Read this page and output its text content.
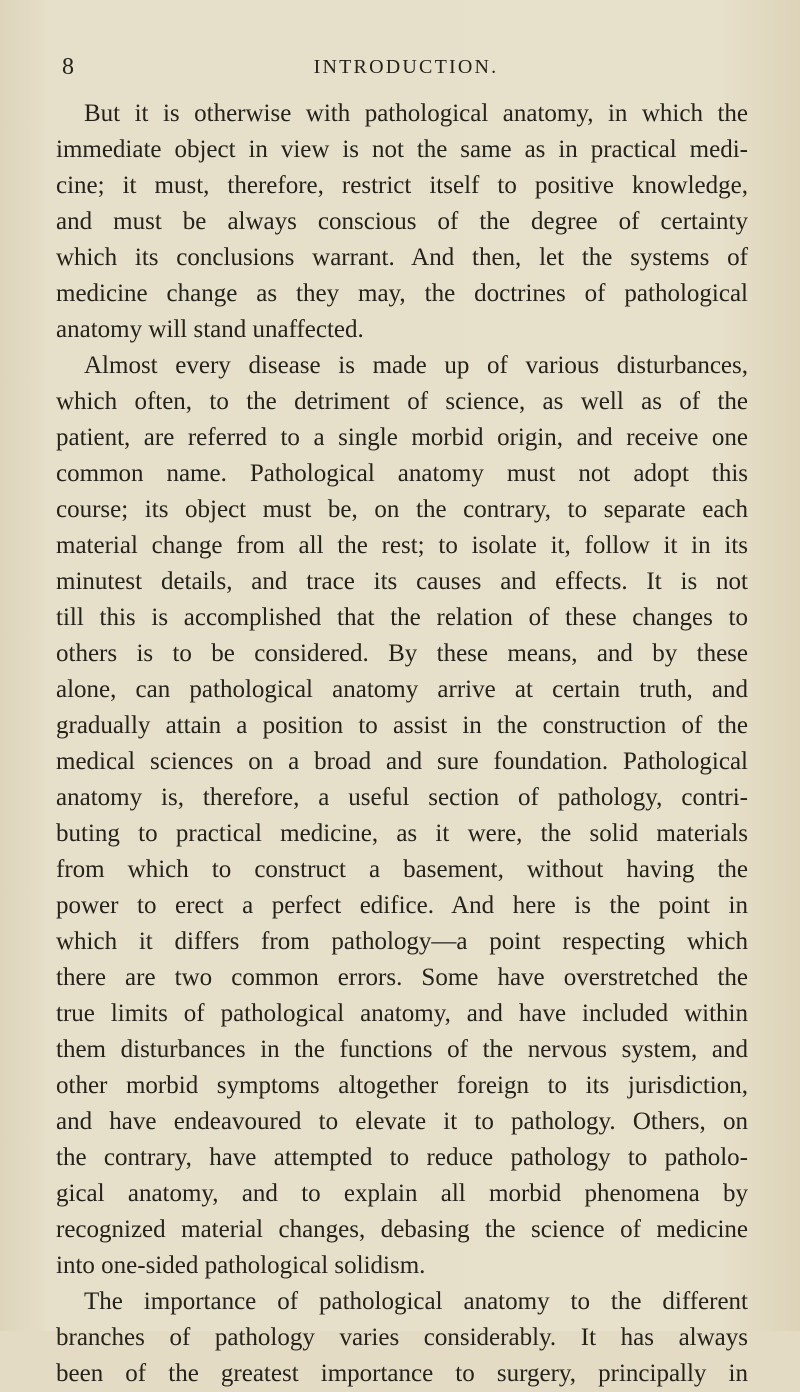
8	INTRODUCTION.
But it is otherwise with pathological anatomy, in which the
immediate object in view is not the same as in practical medi-
cine; it must, therefore, restrict itself to positive knowledge,
and must be always conscious of the degree of certainty
which its conclusions warrant. And then, let the systems of
medicine change as they may, the doctrines of pathological
anatomy will stand unaffected.
Almost every disease is made up of various disturbances,
which often, to the detriment of science, as well as of the
patient, are referred to a single morbid origin, and receive one
common name. Pathological anatomy must not adopt this
course; its object must be, on the contrary, to separate each
material change from all the rest; to isolate it, follow it in its
minutest details, and trace its causes and effects. It is not
till this is accomplished that the relation of these changes to
others is to be considered. By these means, and by these
alone, can pathological anatomy arrive at certain truth, and
gradually attain a position to assist in the construction of the
medical sciences on a broad and sure foundation. Pathological
anatomy is, therefore, a useful section of pathology, contri-
buting to practical medicine, as it were, the solid materials
from which to construct a basement, without having the
power to erect a perfect edifice. And here is the point in
which it differs from pathology—a point respecting which
there are two common errors. Some have overstretched the
true limits of pathological anatomy, and have included within
them disturbances in the functions of the nervous system, and
other morbid symptoms altogether foreign to its jurisdiction,
and have endeavoured to elevate it to pathology. Others, on
the contrary, have attempted to reduce pathology to patholo-
gical anatomy, and to explain all morbid phenomena by
recognized material changes, debasing the science of medicine
into one-sided pathological solidism.
The importance of pathological anatomy to the different
branches of pathology varies considerably. It has always
been of the greatest importance to surgery, principally in
